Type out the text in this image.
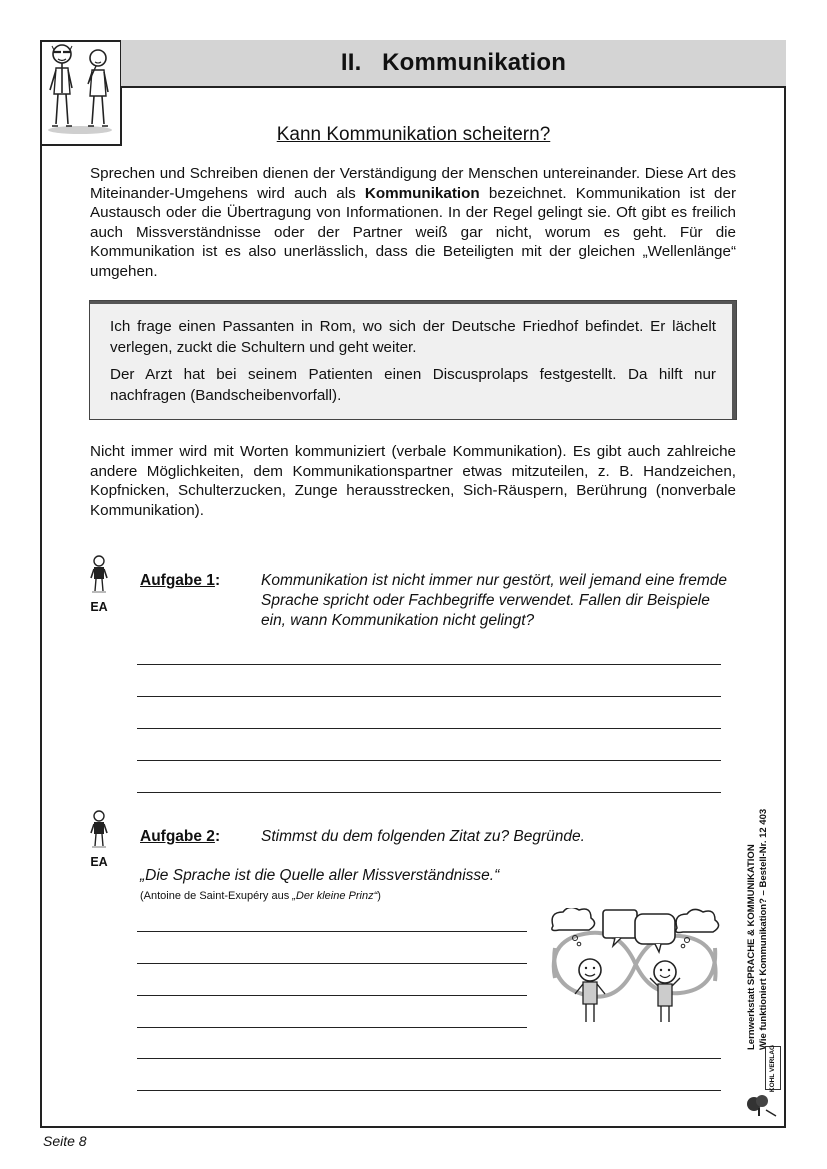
II.   Kommunikation
Kann Kommunikation scheitern?

Sprechen und Schreiben dienen der Verständigung der Menschen untereinander. Diese Art des Miteinander-Umgehens wird auch als Kommunikation bezeichnet. Kommunikation ist der Austausch oder die Übertragung von Informationen. In der Regel gelingt sie. Oft gibt es freilich auch Missverständnisse oder der Partner weiß gar nicht, worum es geht. Für die Kommunikation ist es also unerlässlich, dass die Beteiligten mit der gleichen „Wellenlänge“ umgehen.

Ich frage einen Passanten in Rom, wo sich der Deutsche Friedhof befindet. Er lächelt verlegen, zuckt die Schultern und geht weiter.

Der Arzt hat bei seinem Patienten einen Discusprolaps festgestellt. Da hilft nur nachfragen (Bandscheibenvorfall).

Nicht immer wird mit Worten kommuniziert (verbale Kommunikation). Es gibt auch zahlreiche andere Möglichkeiten, dem Kommunikationspartner etwas mitzuteilen, z. B. Handzeichen, Kopfnicken, Schulterzucken, Zunge herausstrecken, Sich-Räuspern, Berührung (nonverbale Kommunikation).

EA
Aufgabe 1:	Kommunikation ist nicht immer nur gestört, weil jemand eine fremde Sprache spricht oder Fachbegriffe verwendet. Fallen dir Beispiele ein, wann Kommunikation nicht gelingt?

EA
Aufgabe 2:	Stimmst du dem folgenden Zitat zu? Begründe.

„Die Sprache ist die Quelle aller Missverständnisse.“
(Antoine de Saint-Exupéry aus „Der kleine Prinz“)	Lernwerkstatt SPRACHE & KOMMUNIKATION Wie funktioniert Kommunikation? – Bestell-Nr. 12 403
KOHL VERLAG
Seite 8
